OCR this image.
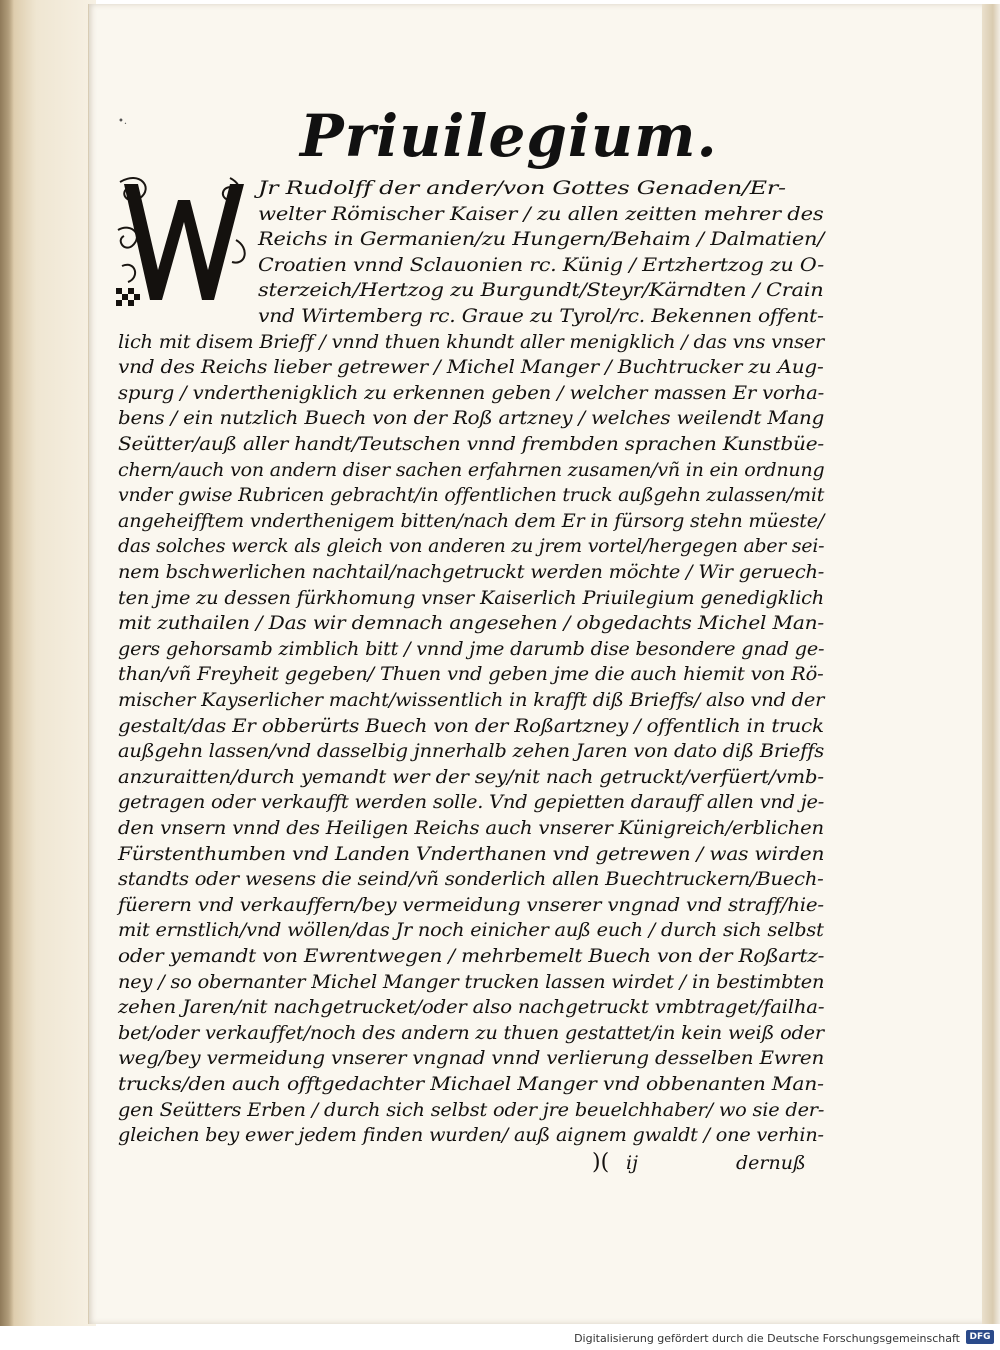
•.	Priuilegium.
Jr Rudolff der ander/von Gottes Genaden/Er-
welter Römischer Kaiser / zu allen zeitten mehrer des
Reichs in Germanien/zu Hungern/Behaim / Dalmatien/
Croatien vnnd Sclauonien rc. Künig / Ertzhertzog zu O-
sterzeich/Hertzog zu Burgundt/Steyr/Kärndten / Crain
vnd Wirtemberg rc. Graue zu Tyrol/rc. Bekennen offent-
lich mit disem Brieff / vnnd thuen khundt aller menigklich / das vns vnser
vnd des Reichs lieber getrewer / Michel Manger / Buchtrucker zu Aug-
spurg / vnderthenigklich zu erkennen geben / welcher massen Er vorha-
bens / ein nutzlich Buech von der Roß artzney / welches weilendt Mang
Seütter/auß aller handt/Teutschen vnnd frembden sprachen Kunstbüe-
chern/auch von andern diser sachen erfahrnen zusamen/vñ in ein ordnung
vnder gwise Rubricen gebracht/in offentlichen truck außgehn zulassen/mit
angeheifftem vnderthenigem bitten/nach dem Er in fürsorg stehn müeste/
das solches werck als gleich von anderen zu jrem vortel/hergegen aber sei-
nem bschwerlichen nachtail/nachgetruckt werden möchte / Wir geruech-
ten jme zu dessen fürkhomung vnser Kaiserlich Priuilegium genedigklich
mit zuthailen / Das wir demnach angesehen / obgedachts Michel Man-
gers gehorsamb zimblich bitt / vnnd jme darumb dise besondere gnad ge-
than/vñ Freyheit gegeben/ Thuen vnd geben jme die auch hiemit von Rö-
mischer Kayserlicher macht/wissentlich in krafft diß Brieffs/ also vnd der
gestalt/das Er obberürts Buech von der Roßartzney / offentlich in truck
außgehn lassen/vnd dasselbig jnnerhalb zehen Jaren von dato diß Brieffs
anzuraitten/durch yemandt wer der sey/nit nach getruckt/verfüert/vmb-
getragen oder verkaufft werden solle. Vnd gepietten darauff allen vnd je-
den vnsern vnnd des Heiligen Reichs auch vnserer Künigreich/erblichen
Fürstenthumben vnd Landen Vnderthanen vnd getrewen / was wirden
standts oder wesens die seind/vñ sonderlich allen Buechtruckern/Buech-
füerern vnd verkauffern/bey vermeidung vnserer vngnad vnd straff/hie-
mit ernstlich/vnd wöllen/das Jr noch einicher auß euch / durch sich selbst
oder yemandt von Ewrentwegen / mehrbemelt Buech von der Roßartz-
ney / so obernanter Michel Manger trucken lassen wirdet / in bestimbten
zehen Jaren/nit nachgetrucket/oder also nachgetruckt vmbtraget/failha-
bet/oder verkauffet/noch des andern zu thuen gestattet/in kein weiß oder
weg/bey vermeidung vnserer vngnad vnnd verlierung desselben Ewren
trucks/den auch offtgedachter Michael Manger vnd obbenanten Man-
gen Seütters Erben / durch sich selbst oder jre beuelchhaber/ wo sie der-
gleichen bey ewer jedem finden wurden/ auß aignem gwaldt / one verhin-
)( ij	dernuß
Digitalisierung gefördert durch die Deutsche Forschungsgemeinschaft	DFG
